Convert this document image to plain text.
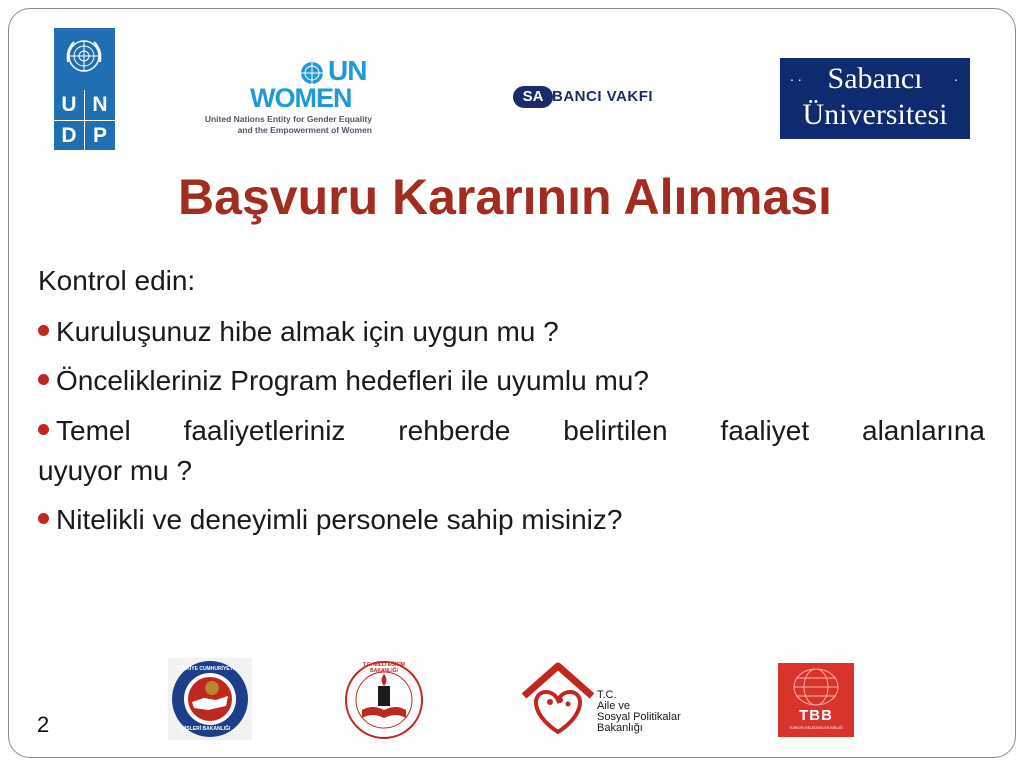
U N
D P
UN
WOMEN
United Nations Entity for Gender Equality
and the Empowerment of Women
SA BANCI VAKFI
. .	.
Sabancı
Üniversitesi
Başvuru Kararının Alınması
Kontrol edin:
Kuruluşunuz hibe almak için uygun mu ?
Öncelikleriniz Program hedefleri ile uyumlu mu?
Temel faaliyetleriniz rehberde belirtilen faaliyet alanlarına
uyuyor mu ?
Nitelikli ve deneyimli personele sahip misiniz?
2
TÜRKİYE CUMHURİYETİ
İÇİŞLERİ BAKANLIĞI
T.C. MİLLİ EĞİTİM BAKANLIĞI
T.C.
Aile ve
Sosyal Politikalar
Bakanlığı
TBB
TÜRKİYE BELEDİYELER BİRLİĞİ
